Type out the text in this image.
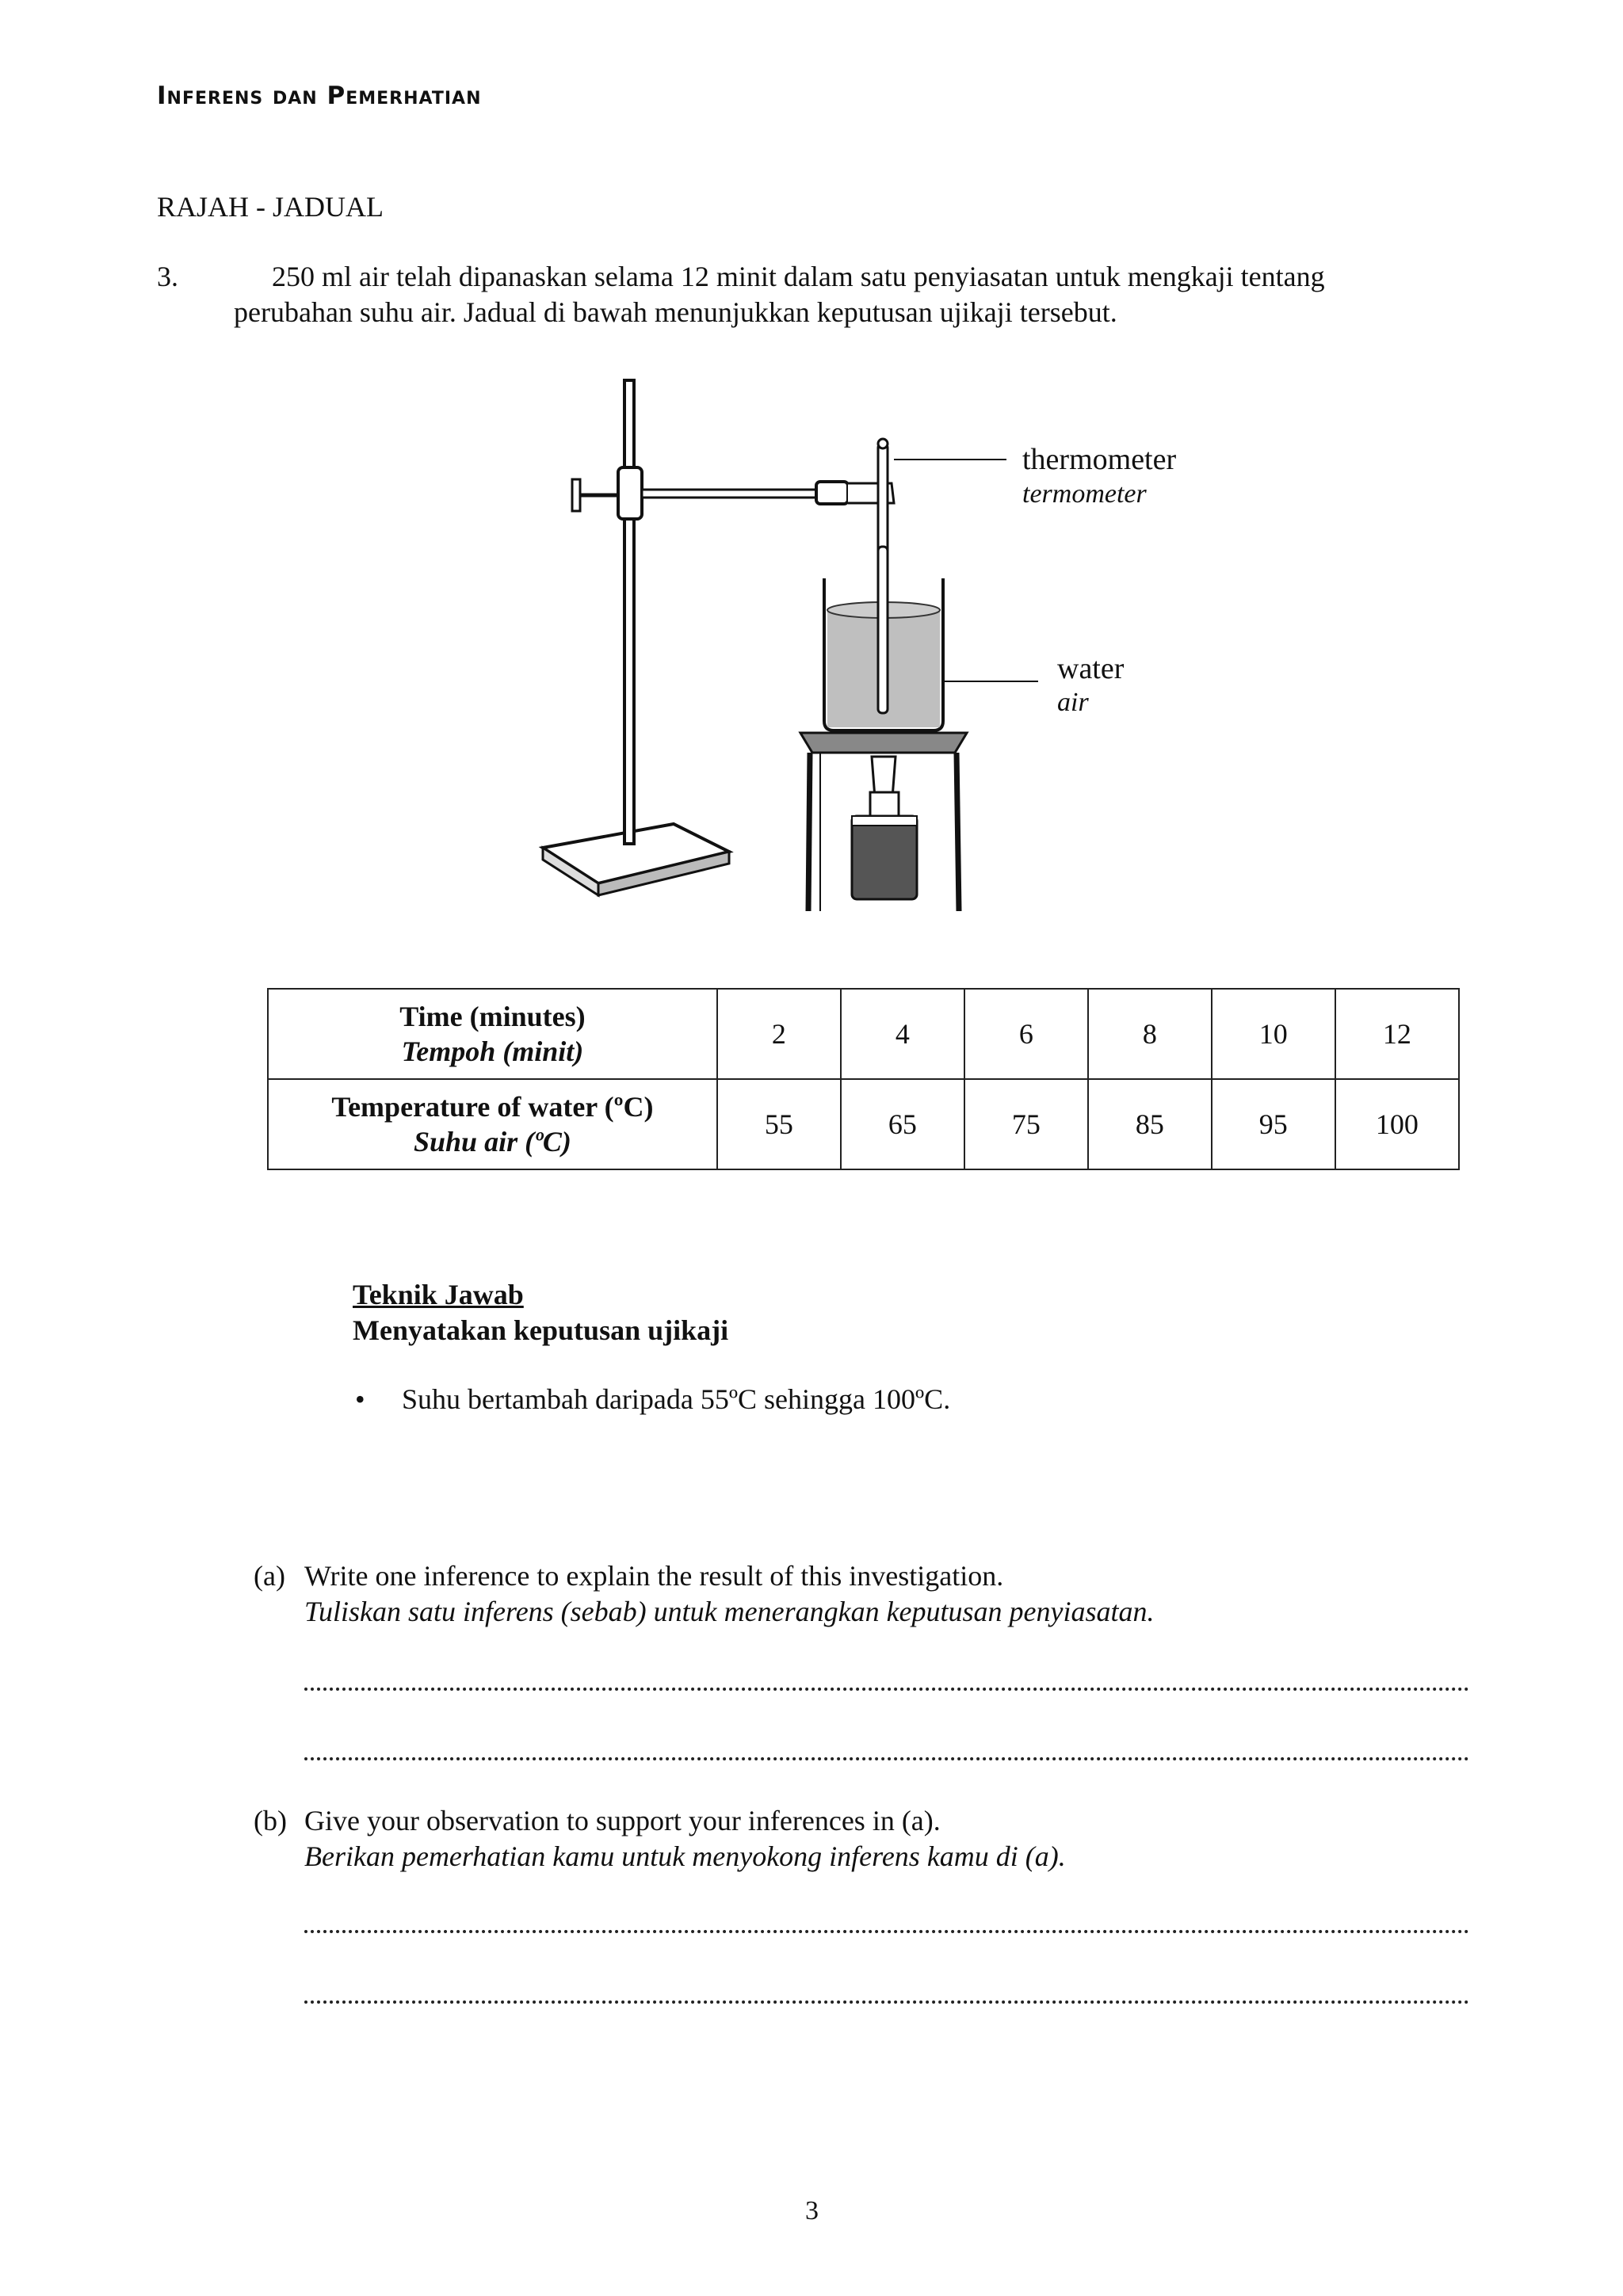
Inferens dan Pemerhatian
RAJAH - JADUAL
3.	250 ml air telah dipanaskan selama 12 minit dalam satu penyiasatan untuk mengkaji tentang
perubahan suhu air. Jadual di bawah menunjukkan keputusan ujikaji tersebut.
thermometer
termometer
water
air
Time (minutes)
Tempoh (minit)	2	4	6	8	10	12

Temperature of water (ºC)
Suhu air (ºC)	55	65	75	85	95	100
Teknik Jawab
Menyatakan keputusan ujikaji
• Suhu bertambah daripada 55ºC sehingga 100ºC.
(a) Write one inference to explain the result of this investigation.
Tuliskan satu inferens (sebab) untuk menerangkan keputusan penyiasatan.
(b) Give your observation to support your inferences in (a).
Berikan pemerhatian kamu untuk menyokong inferens kamu di (a).
3
